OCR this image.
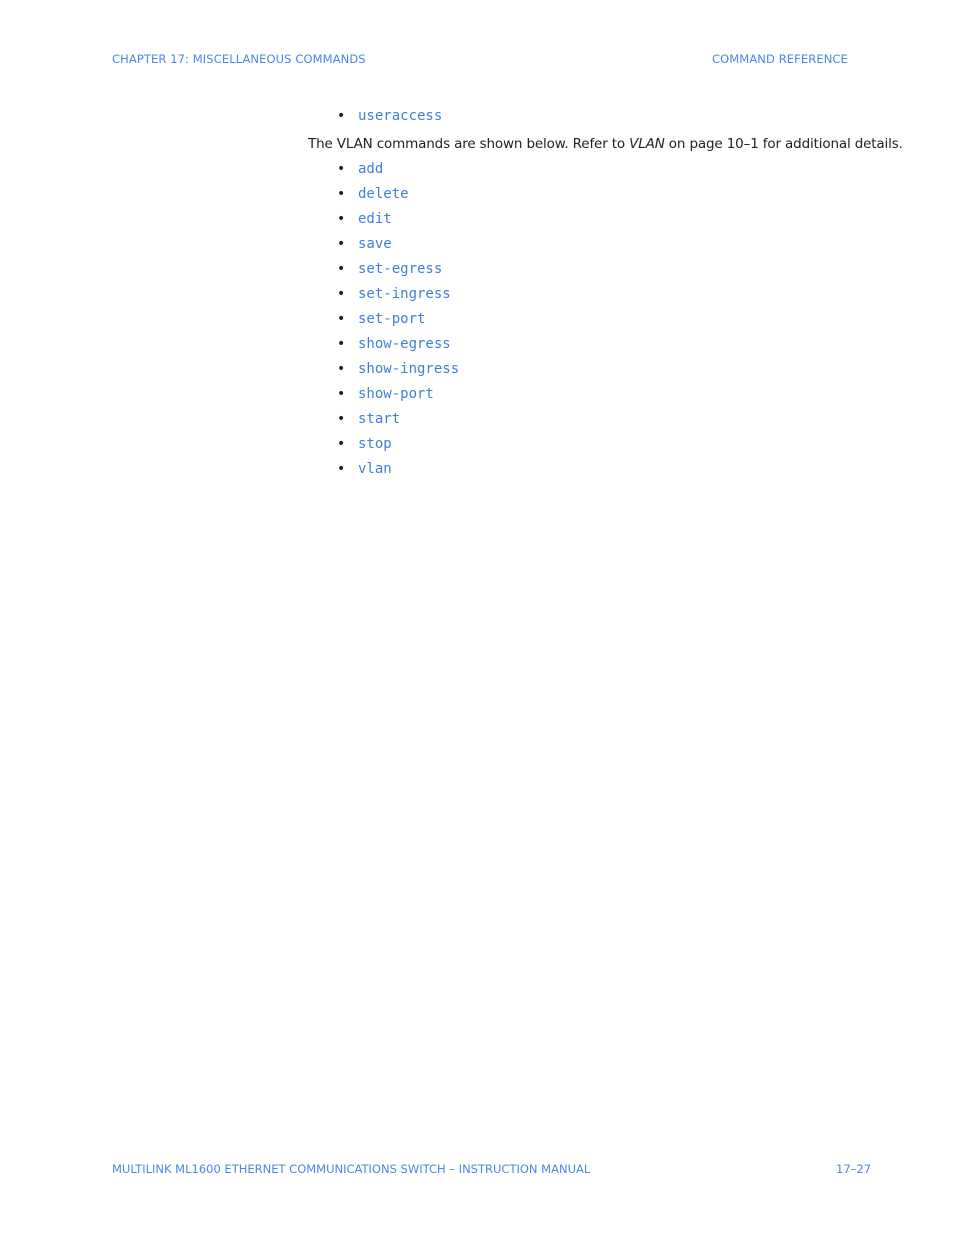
CHAPTER 17: MISCELLANEOUS COMMANDS	COMMAND REFERENCE
• useraccess

The VLAN commands are shown below. Refer to VLAN on page 10–1 for additional details.

• add
• delete
• edit
• save
• set-egress
• set-ingress
• set-port
• show-egress
• show-ingress
• show-port
• start
• stop
• vlan
MULTILINK ML1600 ETHERNET COMMUNICATIONS SWITCH – INSTRUCTION MANUAL	17–27
